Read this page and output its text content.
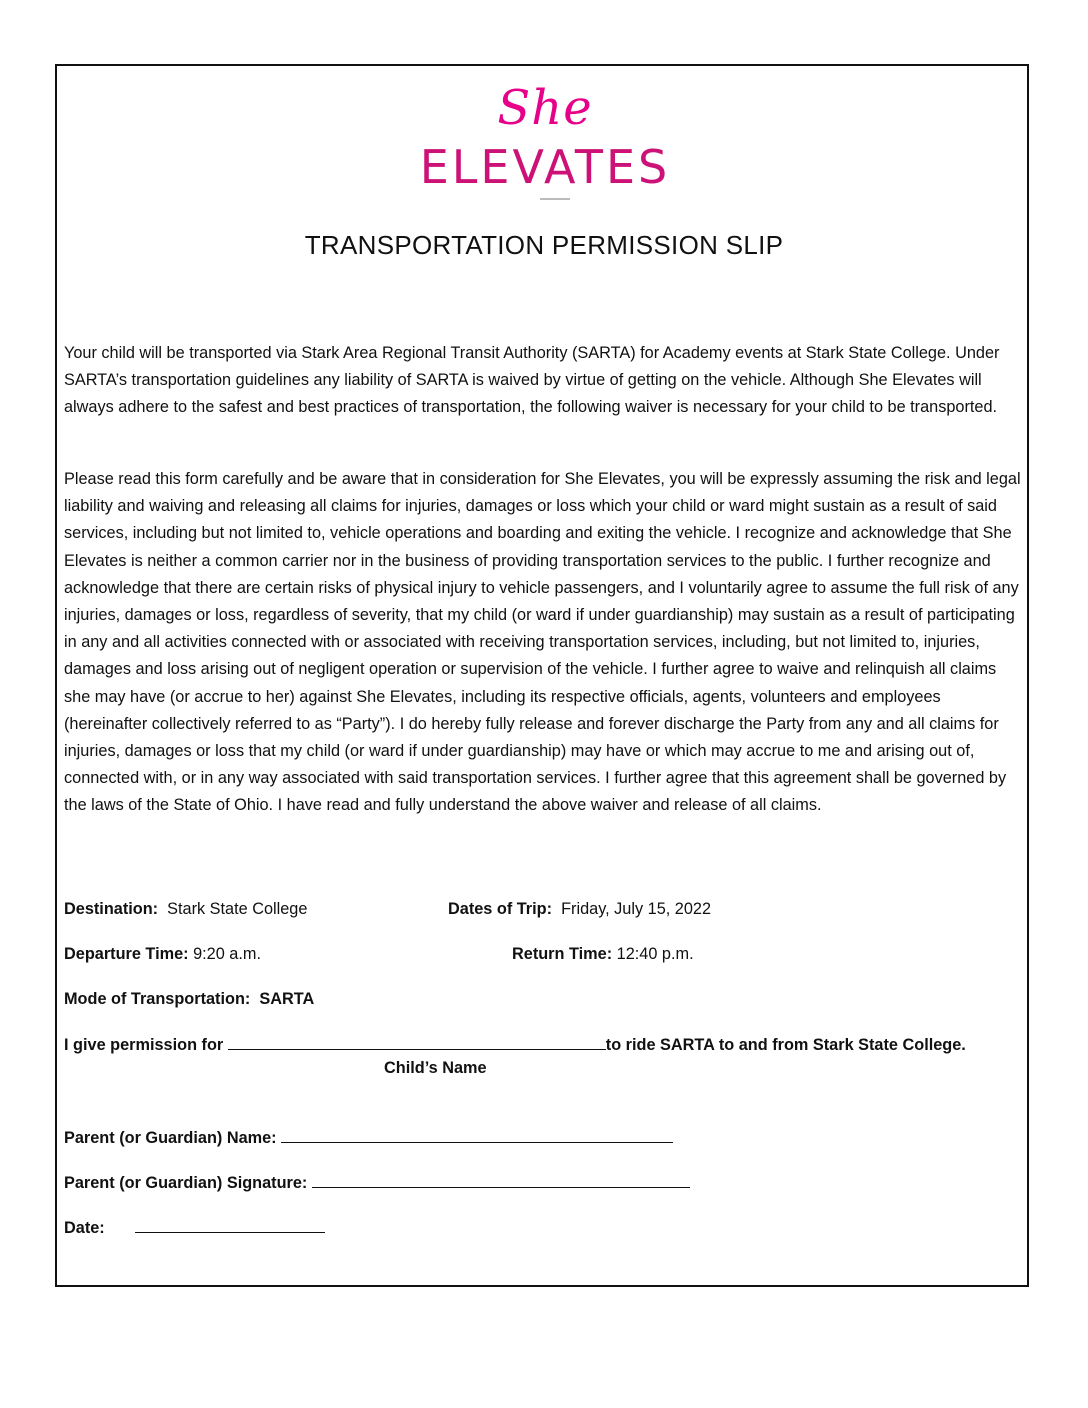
She
ELEVATES
TRANSPORTATION PERMISSION SLIP
Your child will be transported via Stark Area Regional Transit Authority (SARTA) for Academy events at Stark State College. Under SARTA’s transportation guidelines any liability of SARTA is waived by virtue of getting on the vehicle. Although She Elevates will always adhere to the safest and best practices of transportation, the following waiver is necessary for your child to be transported.
Please read this form carefully and be aware that in consideration for She Elevates, you will be expressly assuming the risk and legal liability and waiving and releasing all claims for injuries, damages or loss which your child or ward might sustain as a result of said services, including but not limited to, vehicle operations and boarding and exiting the vehicle. I recognize and acknowledge that She Elevates is neither a common carrier nor in the business of providing transportation services to the public. I further recognize and acknowledge that there are certain risks of physical injury to vehicle passengers, and I voluntarily agree to assume the full risk of any injuries, damages or loss, regardless of severity, that my child (or ward if under guardianship) may sustain as a result of participating in any and all activities connected with or associated with receiving transportation services, including, but not limited to, injuries, damages and loss arising out of negligent operation or supervision of the vehicle. I further agree to waive and relinquish all claims she may have (or accrue to her) against She Elevates, including its respective officials, agents, volunteers and employees (hereinafter collectively referred to as “Party”). I do hereby fully release and forever discharge the Party from any and all claims for injuries, damages or loss that my child (or ward if under guardianship) may have or which may accrue to me and arising out of, connected with, or in any way associated with said transportation services. I further agree that this agreement shall be governed by the laws of the State of Ohio. I have read and fully understand the above waiver and release of all claims.
Destination: Stark State College	Dates of Trip: Friday, July 15, 2022
Departure Time: 9:20 a.m.	Return Time: 12:40 p.m.
Mode of Transportation: SARTA
I give permission for	to ride SARTA to and from Stark State College.
Child’s Name
Parent (or Guardian) Name:
Parent (or Guardian) Signature:
Date:
